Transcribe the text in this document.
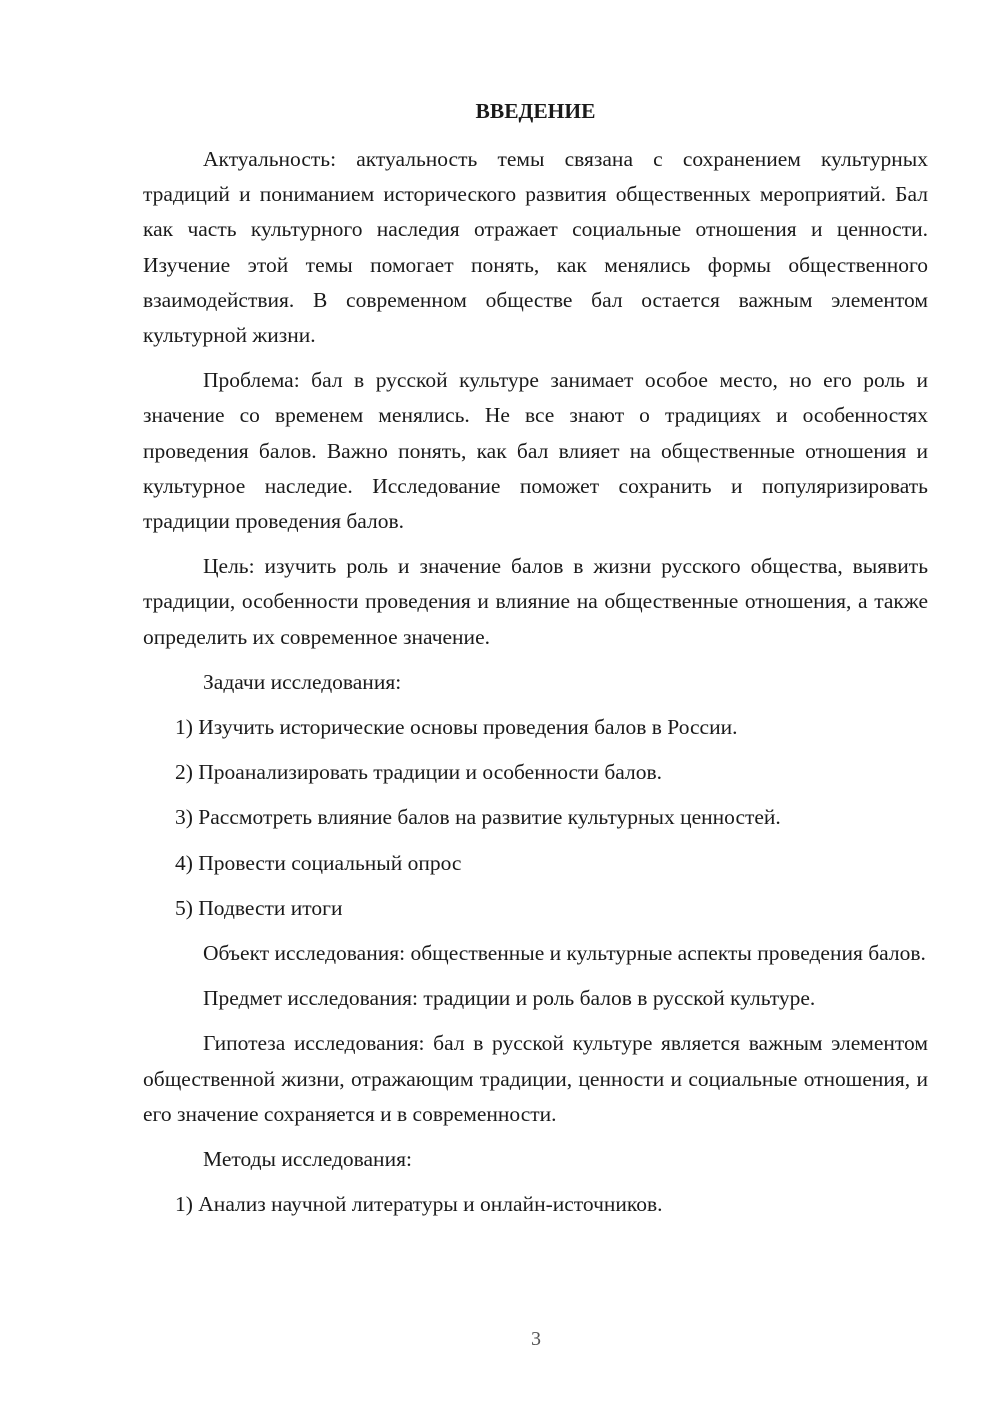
ВВЕДЕНИЕ

Актуальность: актуальность темы связана с сохранением культурных традиций и пониманием исторического развития общественных мероприятий. Бал как часть культурного наследия отражает социальные отношения и ценности. Изучение этой темы помогает понять, как менялись формы общественного взаимодействия. В современном обществе бал остается важным элементом культурной жизни.

Проблема: бал в русской культуре занимает особое место, но его роль и значение со временем менялись. Не все знают о традициях и особенностях проведения балов. Важно понять, как бал влияет на общественные отношения и культурное наследие. Исследование поможет сохранить и популяризировать традиции проведения балов.

Цель: изучить роль и значение балов в жизни русского общества, выявить традиции, особенности проведения и влияние на общественные отношения, а также определить их современное значение.

Задачи исследования:

1) Изучить исторические основы проведения балов в России.

2) Проанализировать традиции и особенности балов.

3) Рассмотреть влияние балов на развитие культурных ценностей.

4) Провести социальный опрос

5) Подвести итоги

Объект исследования: общественные и культурные аспекты проведения балов.

Предмет исследования: традиции и роль балов в русской культуре.

Гипотеза исследования: бал в русской культуре является важным элементом общественной жизни, отражающим традиции, ценности и социальные отношения, и его значение сохраняется и в современности.

Методы исследования:

1) Анализ научной литературы и онлайн-источников.

3
